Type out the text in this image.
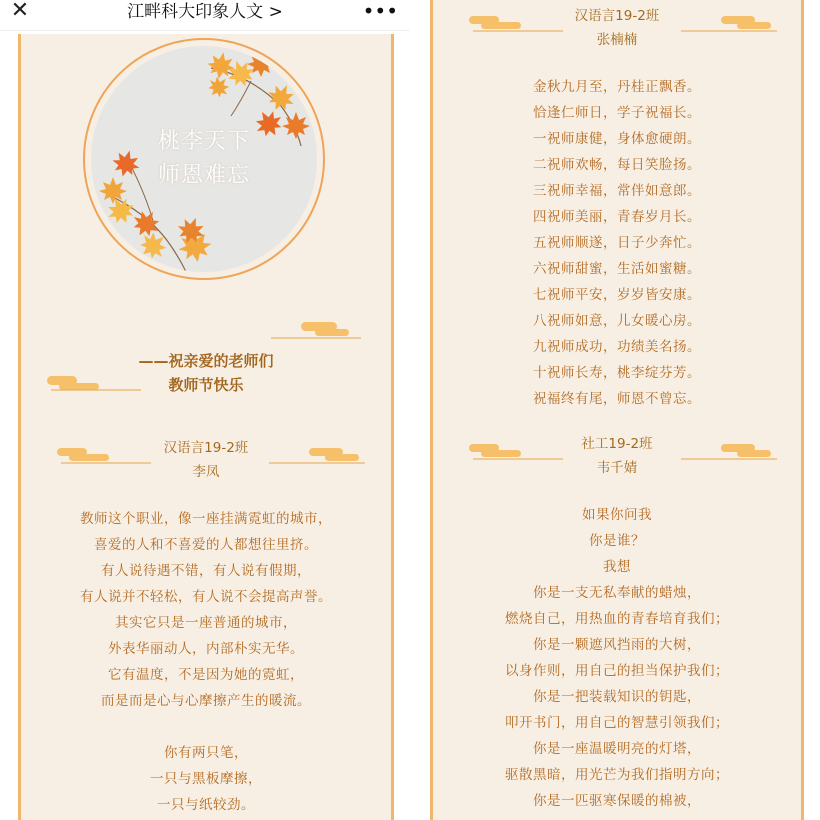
✕	江畔科大印象人文 >	•••
桃李天下
师恩难忘
——祝亲爱的老师们
教师节快乐
汉语言19-2班
李凤
教师这个职业，像一座挂满霓虹的城市，
喜爱的人和不喜爱的人都想往里挤。
有人说待遇不错，有人说有假期，
有人说并不轻松，有人说不会提高声誉。
其实它只是一座普通的城市，
外表华丽动人，内部朴实无华。
它有温度，不是因为她的霓虹，
而是而是心与心摩擦产生的暖流。
你有两只笔，
一只与黑板摩擦，
一只与纸较劲。
汉语言19-2班
张楠楠
金秋九月至，丹桂正飘香。
恰逢仁师日，学子祝福长。
一祝师康健，身体愈硬朗。
二祝师欢畅，每日笑脸扬。
三祝师幸福，常伴如意郎。
四祝师美丽，青春岁月长。
五祝师顺遂，日子少奔忙。
六祝师甜蜜，生活如蜜糖。
七祝师平安，岁岁皆安康。
八祝师如意，儿女暖心房。
九祝师成功，功绩美名扬。
十祝师长寿，桃李绽芬芳。
祝福终有尾，师恩不曾忘。
社工19-2班
韦千婧
如果你问我
你是谁？
我想
你是一支无私奉献的蜡烛，
燃烧自己，用热血的青春培育我们；
你是一颗遮风挡雨的大树，
以身作则，用自己的担当保护我们；
你是一把装载知识的钥匙，
叩开书门，用自己的智慧引领我们；
你是一座温暖明亮的灯塔，
驱散黑暗，用光芒为我们指明方向；
你是一匹驱寒保暖的棉被，
